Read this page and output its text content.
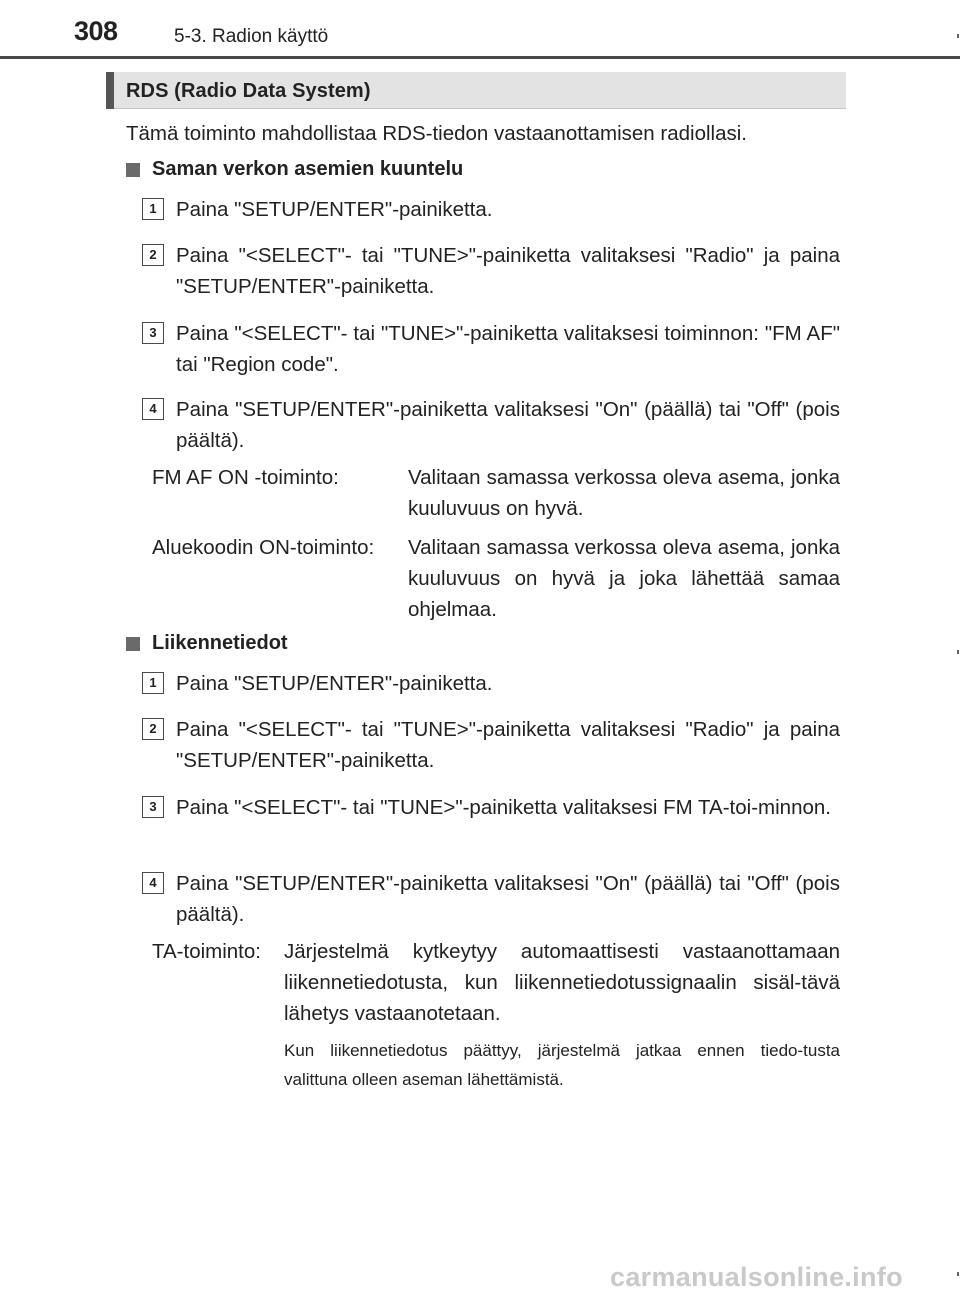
308	5-3. Radion käyttö
RDS (Radio Data System)
Tämä toiminto mahdollistaa RDS-tiedon vastaanottamisen radiollasi.
Saman verkon asemien kuuntelu
1 Paina "SETUP/ENTER"-painiketta.
2 Paina "<SELECT"- tai "TUNE>"-painiketta valitaksesi "Radio" ja paina "SETUP/ENTER"-painiketta.
3 Paina "<SELECT"- tai "TUNE>"-painiketta valitaksesi toiminnon: "FM AF" tai "Region code".
4 Paina "SETUP/ENTER"-painiketta valitaksesi "On" (päällä) tai "Off" (pois päältä).
FM AF ON -toiminto:	Valitaan samassa verkossa oleva asema, jonka kuuluvuus on hyvä.
Aluekoodin ON-toiminto: Valitaan samassa verkossa oleva asema, jonka kuuluvuus on hyvä ja joka lähettää samaa ohjelmaa.
Liikennetiedot
1 Paina "SETUP/ENTER"-painiketta.
2 Paina "<SELECT"- tai "TUNE>"-painiketta valitaksesi "Radio" ja paina "SETUP/ENTER"-painiketta.
3 Paina "<SELECT"- tai "TUNE>"-painiketta valitaksesi FM TA-toi-minnon.
4 Paina "SETUP/ENTER"-painiketta valitaksesi "On" (päällä) tai "Off" (pois päältä).
TA-toiminto: Järjestelmä kytkeytyy automaattisesti vastaanottamaan liikennetiedotusta, kun liikennetiedotussignaalin sisäl-tävä lähetys vastaanotetaan.
Kun liikennetiedotus päättyy, järjestelmä jatkaa ennen tiedo-tusta valittuna olleen aseman lähettämistä.
carmanualsonline.info
